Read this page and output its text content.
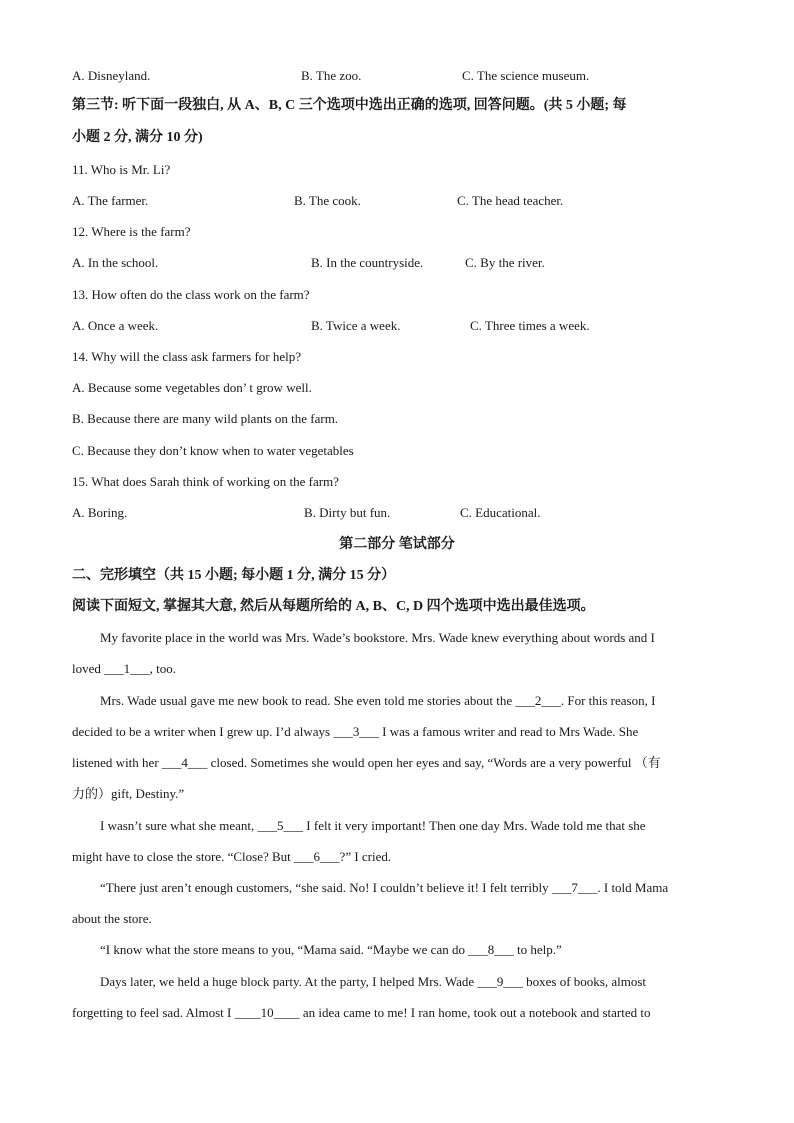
A. Disneyland.	B. The zoo.	C. The science museum.
第三节: 听下面一段独白, 从 A、B, C 三个选项中选出正确的选项, 回答问题。(共 5 小题; 每
小题 2 分, 满分 10 分)
11. Who is Mr. Li?
A. The farmer.	B. The cook.	C. The head teacher.
12. Where is the farm?
A. In the school.	B. In the countryside.	C. By the river.
13. How often do the class work on the farm?
A. Once a week.	B. Twice a week.	C. Three times a week.
14. Why will the class ask farmers for help?
A. Because some vegetables don’ t grow well.
B. Because there are many wild plants on the farm.
C. Because they don’t know when to water vegetables
15. What does Sarah think of working on the farm?
A. Boring.	B. Dirty but fun.	C. Educational.
第二部分 笔试部分
二、完形填空（共 15 小题; 每小题 1 分, 满分 15 分）
阅读下面短文, 掌握其大意, 然后从每题所给的 A, B、C, D 四个选项中选出最佳选项。
My favorite place in the world was Mrs. Wade’s bookstore. Mrs. Wade knew everything about words and I
loved ___1___, too.
Mrs. Wade usual gave me new book to read. She even told me stories about the ___2___. For this reason, I
decided to be a writer when I grew up. I’d always ___3___ I was a famous writer and read to Mrs Wade. She
listened with her ___4___ closed. Sometimes she would open her eyes and say, “Words are a very powerful （有
力的）gift, Destiny.”
I wasn’t sure what she meant, ___5___ I felt it very important! Then one day Mrs. Wade told me that she
might have to close the store. “Close? But ___6___?” I cried.
“There just aren’t enough customers, “she said. No! I couldn’t believe it! I felt terribly ___7___. I told Mama
about the store.
“I know what the store means to you, “Mama said. “Maybe we can do ___8___ to help.”
Days later, we held a huge block party. At the party, I helped Mrs. Wade ___9___ boxes of books, almost
forgetting to feel sad. Almost I ____10____ an idea came to me! I ran home, took out a notebook and started to
